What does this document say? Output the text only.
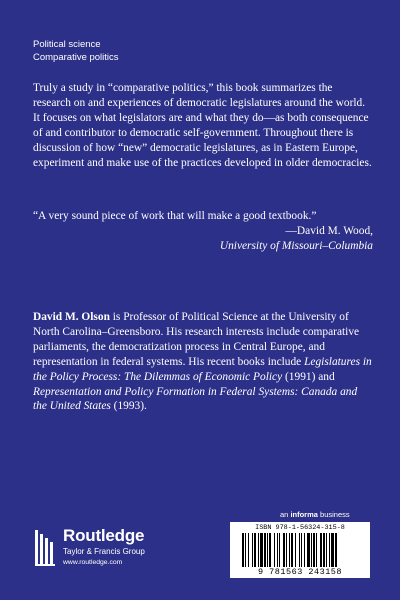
Political science
Comparative politics
Truly a study in “comparative politics,” this book summarizes the research on and experiences of democratic legislatures around the world. It focuses on what legislators are and what they do—as both consequence of and contributor to democratic self-government. Throughout there is discussion of how “new” democratic legislatures, as in Eastern Europe, experiment and make use of the practices developed in older democracies.
“A very sound piece of work that will make a good textbook.”
—David M. Wood,
University of Missouri–Columbia
David M. Olson is Professor of Political Science at the University of North Carolina–Greensboro. His research interests include comparative parliaments, the democratization process in Central Europe, and representation in federal systems. His recent books include Legislatures in the Policy Process: The Dilemmas of Economic Policy (1991) and Representation and Policy Formation in Federal Systems: Canada and the United States (1993).
an informa business
Routledge
Taylor & Francis Group
www.routledge.com
ISBN 978-1-56324-315-8
9 781563 243158
